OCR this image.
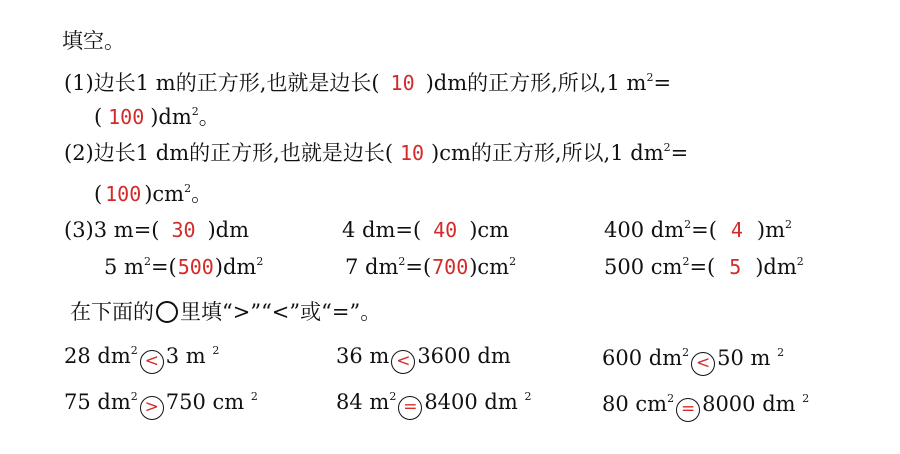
填空。
(1)边长1 m的正方形,也就是边长( 10 )dm的正方形,所以,1 $m^2=$
( 100 )$dm^2$。
(2)边长1 dm的正方形,也就是边长( 10 )cm的正方形,所以,1 $dm^2=$
( 100 )$cm^2$。
(3)3 m=( 30 )dm	4 dm=( 40 )cm	400 $dm^2=$( 4 )$m^2$
5 $m^2=(500)dm^2$	7 $dm^2=(700)cm^2$	500 $cm^2=$( 5 )$dm^2$
在下面的 里填“>”“<”或“=”。
28 $dm^2< 3$ m $^2$	36 m < 3600 dm	600 $dm^2< 50$ m $^2$
75 $dm^2> 750$ cm $^2$	84 $m^2= 8400$ dm $^2$	80 $cm^2= 8000$ dm $^2$
